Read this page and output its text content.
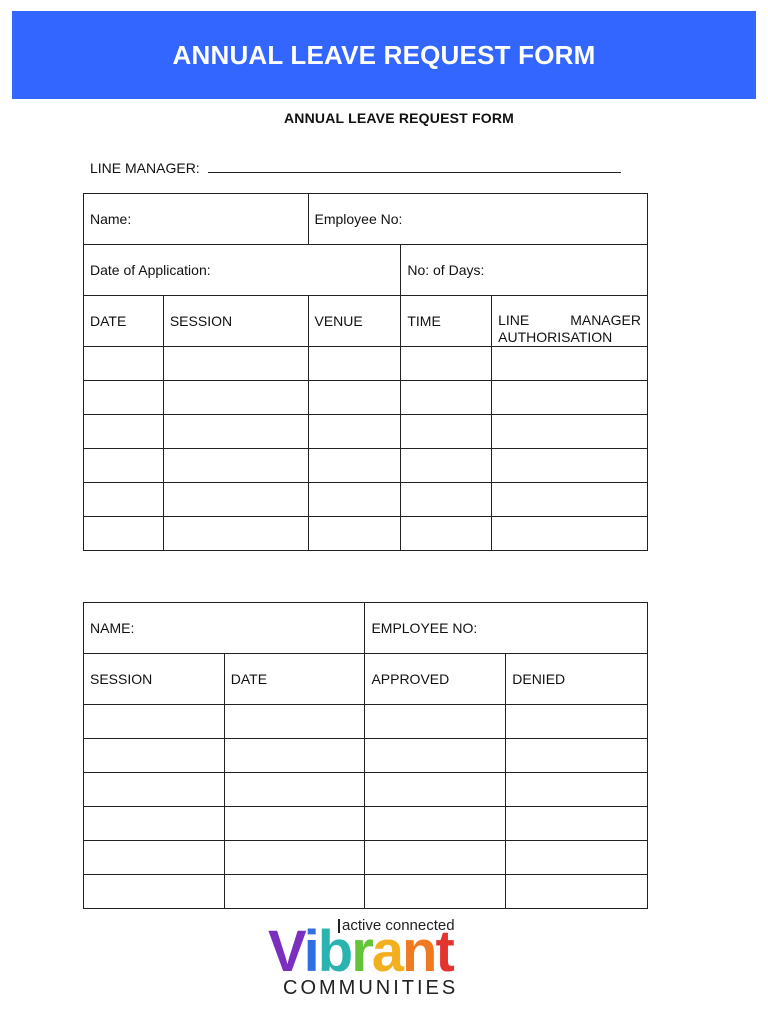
ANNUAL LEAVE REQUEST FORM
ANNUAL LEAVE REQUEST FORM
LINE MANAGER:
Name:		Employee No:		
Date of Application:			No: of Days:	
DATE	SESSION	VENUE	TIME	LINE MANAGER
AUTHORISATION

NAME:		EMPLOYEE NO:	
SESSION	DATE	APPROVED	DENIED

active connected
Vibrant
COMMUNITIES
